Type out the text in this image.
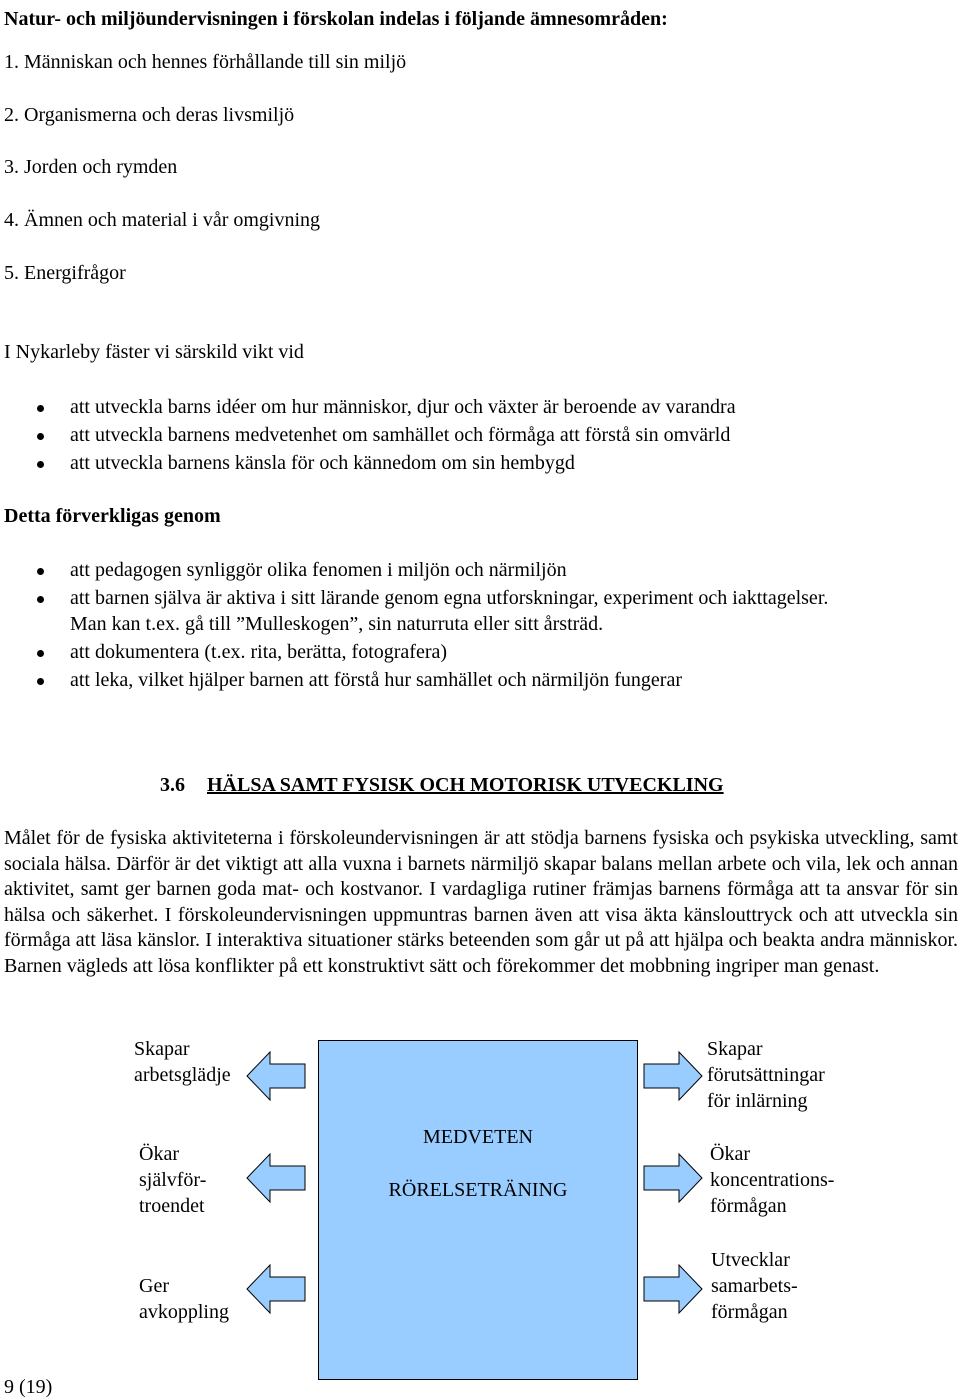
Natur- och miljöundervisningen i förskolan indelas i följande ämnesområden:
1. Människan och hennes förhållande till sin miljö
2. Organismerna och deras livsmiljö
3. Jorden och rymden
4. Ämnen och material i vår omgivning
5. Energifrågor
I Nykarleby fäster vi särskild vikt vid
att utveckla barns idéer om hur människor, djur och växter är beroende av varandra
att utveckla barnens medvetenhet om samhället och förmåga att förstå sin omvärld
att utveckla barnens känsla för och kännedom om sin hembygd
Detta förverkligas genom
att pedagogen synliggör olika fenomen i miljön och närmiljön
att barnen själva är aktiva i sitt lärande genom egna utforskningar, experiment och iakttagelser.
Man kan t.ex. gå till ”Mulleskogen”, sin naturruta eller sitt årsträd.
att dokumentera (t.ex. rita, berätta, fotografera)
att leka, vilket hjälper barnen att förstå hur samhället och närmiljön fungerar
3.6 HÄLSA SAMT FYSISK OCH MOTORISK UTVECKLING
Målet för de fysiska aktiviteterna i förskoleundervisningen är att stödja barnens fysiska och psykiska utveckling, samt sociala hälsa. Därför är det viktigt att alla vuxna i barnets närmiljö skapar balans mellan arbete och vila, lek och annan aktivitet, samt ger barnen goda mat- och kostvanor. I vardagliga rutiner främjas barnens förmåga att ta ansvar för sin hälsa och säkerhet. I förskoleundervisningen uppmuntras barnen även att visa äkta känslouttryck och att utveckla sin förmåga att läsa känslor. I interaktiva situationer stärks beteenden som går ut på att hjälpa och beakta andra människor. Barnen vägleds att lösa konflikter på ett konstruktivt sätt och förekommer det mobbning ingriper man genast.
MEDVETEN
RÖRELSETRÄNING
Skapar
arbetsglädje
Ökar
självför-
troendet
Ger
avkoppling
Skapar
förutsättningar
för inlärning
Ökar
koncentrations-
förmågan
Utvecklar
samarbets-
förmågan
9 (19)
